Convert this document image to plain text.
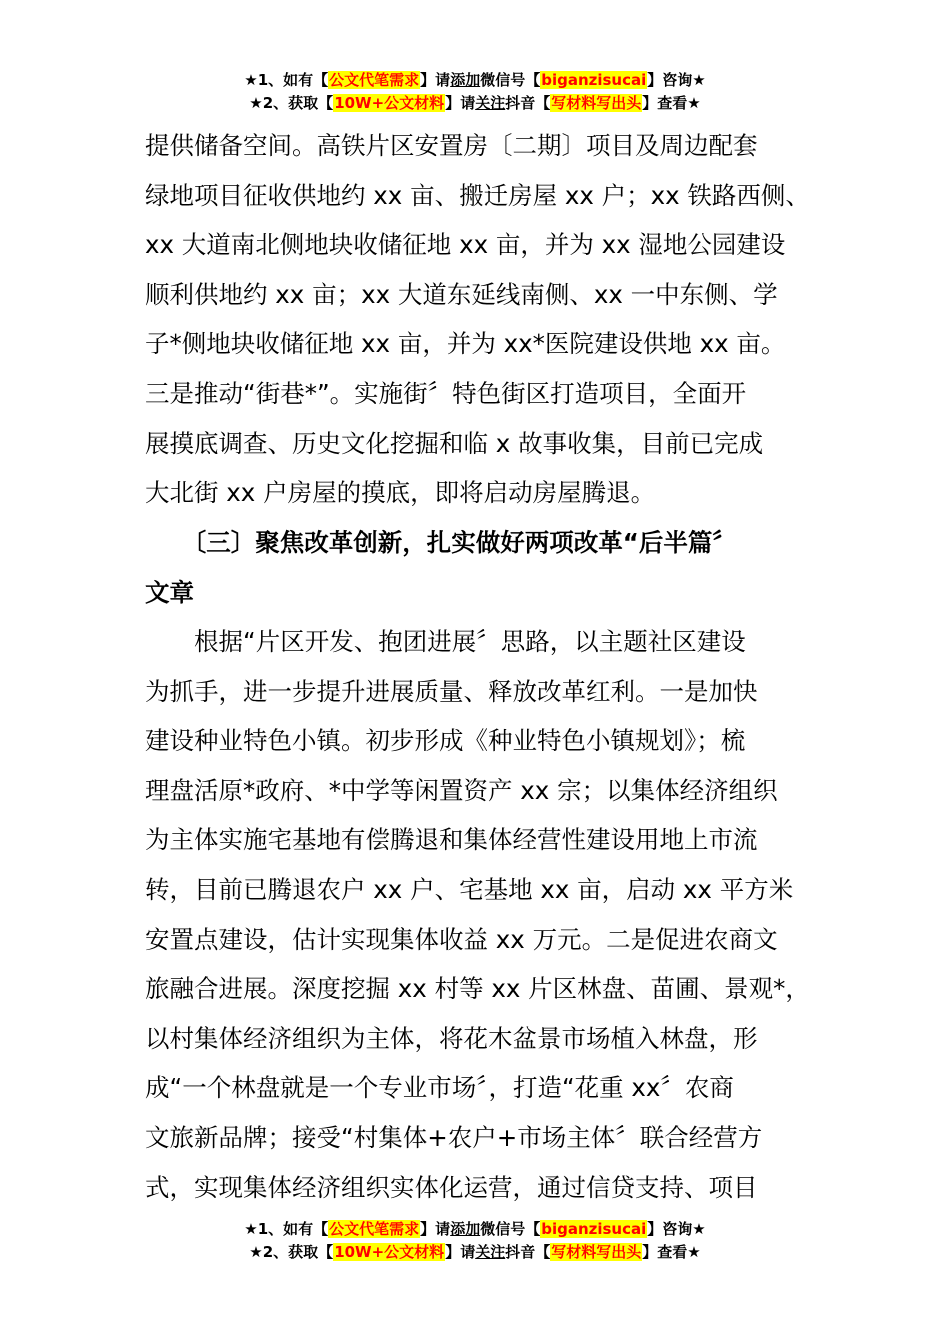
★1、如有【公文代笔需求】请添加微信号【biganzisucai】咨询★
★2、获取【10W+公文材料】请关注抖音【写材料写出头】查看★
提供储备空间。高铁片区安置房〔二期〕项目及周边配套
绿地项目征收供地约 xx 亩、搬迁房屋 xx 户；xx 铁路西侧、
xx 大道南北侧地块收储征地 xx 亩，并为 xx 湿地公园建设
顺利供地约 xx 亩；xx 大道东延线南侧、xx 一中东侧、学
子*侧地块收储征地 xx 亩，并为 xx*医院建设供地 xx 亩。
三是推动“街巷*”。实施街〞特色街区打造项目，全面开
展摸底调查、历史文化挖掘和临 x 故事收集，目前已完成
大北街 xx 户房屋的摸底，即将启动房屋腾退。
　　〔三〕聚焦改革创新，扎实做好两项改革“后半篇〞
文章
　　根据“片区开发、抱团进展〞思路，以主题社区建设
为抓手，进一步提升进展质量、释放改革红利。一是加快
建设种业特色小镇。初步形成《种业特色小镇规划》；梳
理盘活原*政府、*中学等闲置资产 xx 宗；以集体经济组织
为主体实施宅基地有偿腾退和集体经营性建设用地上市流
转，目前已腾退农户 xx 户、宅基地 xx 亩，启动 xx 平方米
安置点建设，估计实现集体收益 xx 万元。二是促进农商文
旅融合进展。深度挖掘 xx 村等 xx 片区林盘、苗圃、景观*，
以村集体经济组织为主体，将花木盆景市场植入林盘，形
成“一个林盘就是一个专业市场〞，打造“花重 xx〞农商
文旅新品牌；接受“村集体+农户+市场主体〞联合经营方
式，实现集体经济组织实体化运营，通过信贷支持、项目
★1、如有【公文代笔需求】请添加微信号【biganzisucai】咨询★
★2、获取【10W+公文材料】请关注抖音【写材料写出头】查看★
